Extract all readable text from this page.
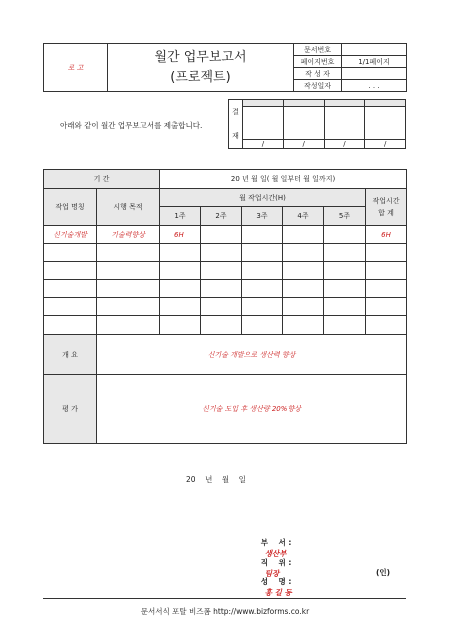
로 고	월간 업무보고서
(프로젝트)	문서번호	
		페이지번호	1/1페이지
		작 성 자	
		작성일자	. . .
아래와 같이 월간 업무보고서를 제출합니다.
결
재				

	/	/	/	/
기 간		20 년 월 일( 월 일부터 월 일까지)					
작업 명칭	시행 목적	월 작업시간(H)					작업시간
합 계

		1주	2주	3주	4주	5주	
신기술개발	기술력향상	6H					6H

개 요	신기술 개발으로 생산력 향상						
평 가	신기술 도입 후 생산량 20%향상						
20    년    월    일

부    서 :
생산부

직    위 :
팀장

성    명 :
홍 길 동

(인)
문서서식 포탈 비즈폼 http://www.bizforms.co.kr
